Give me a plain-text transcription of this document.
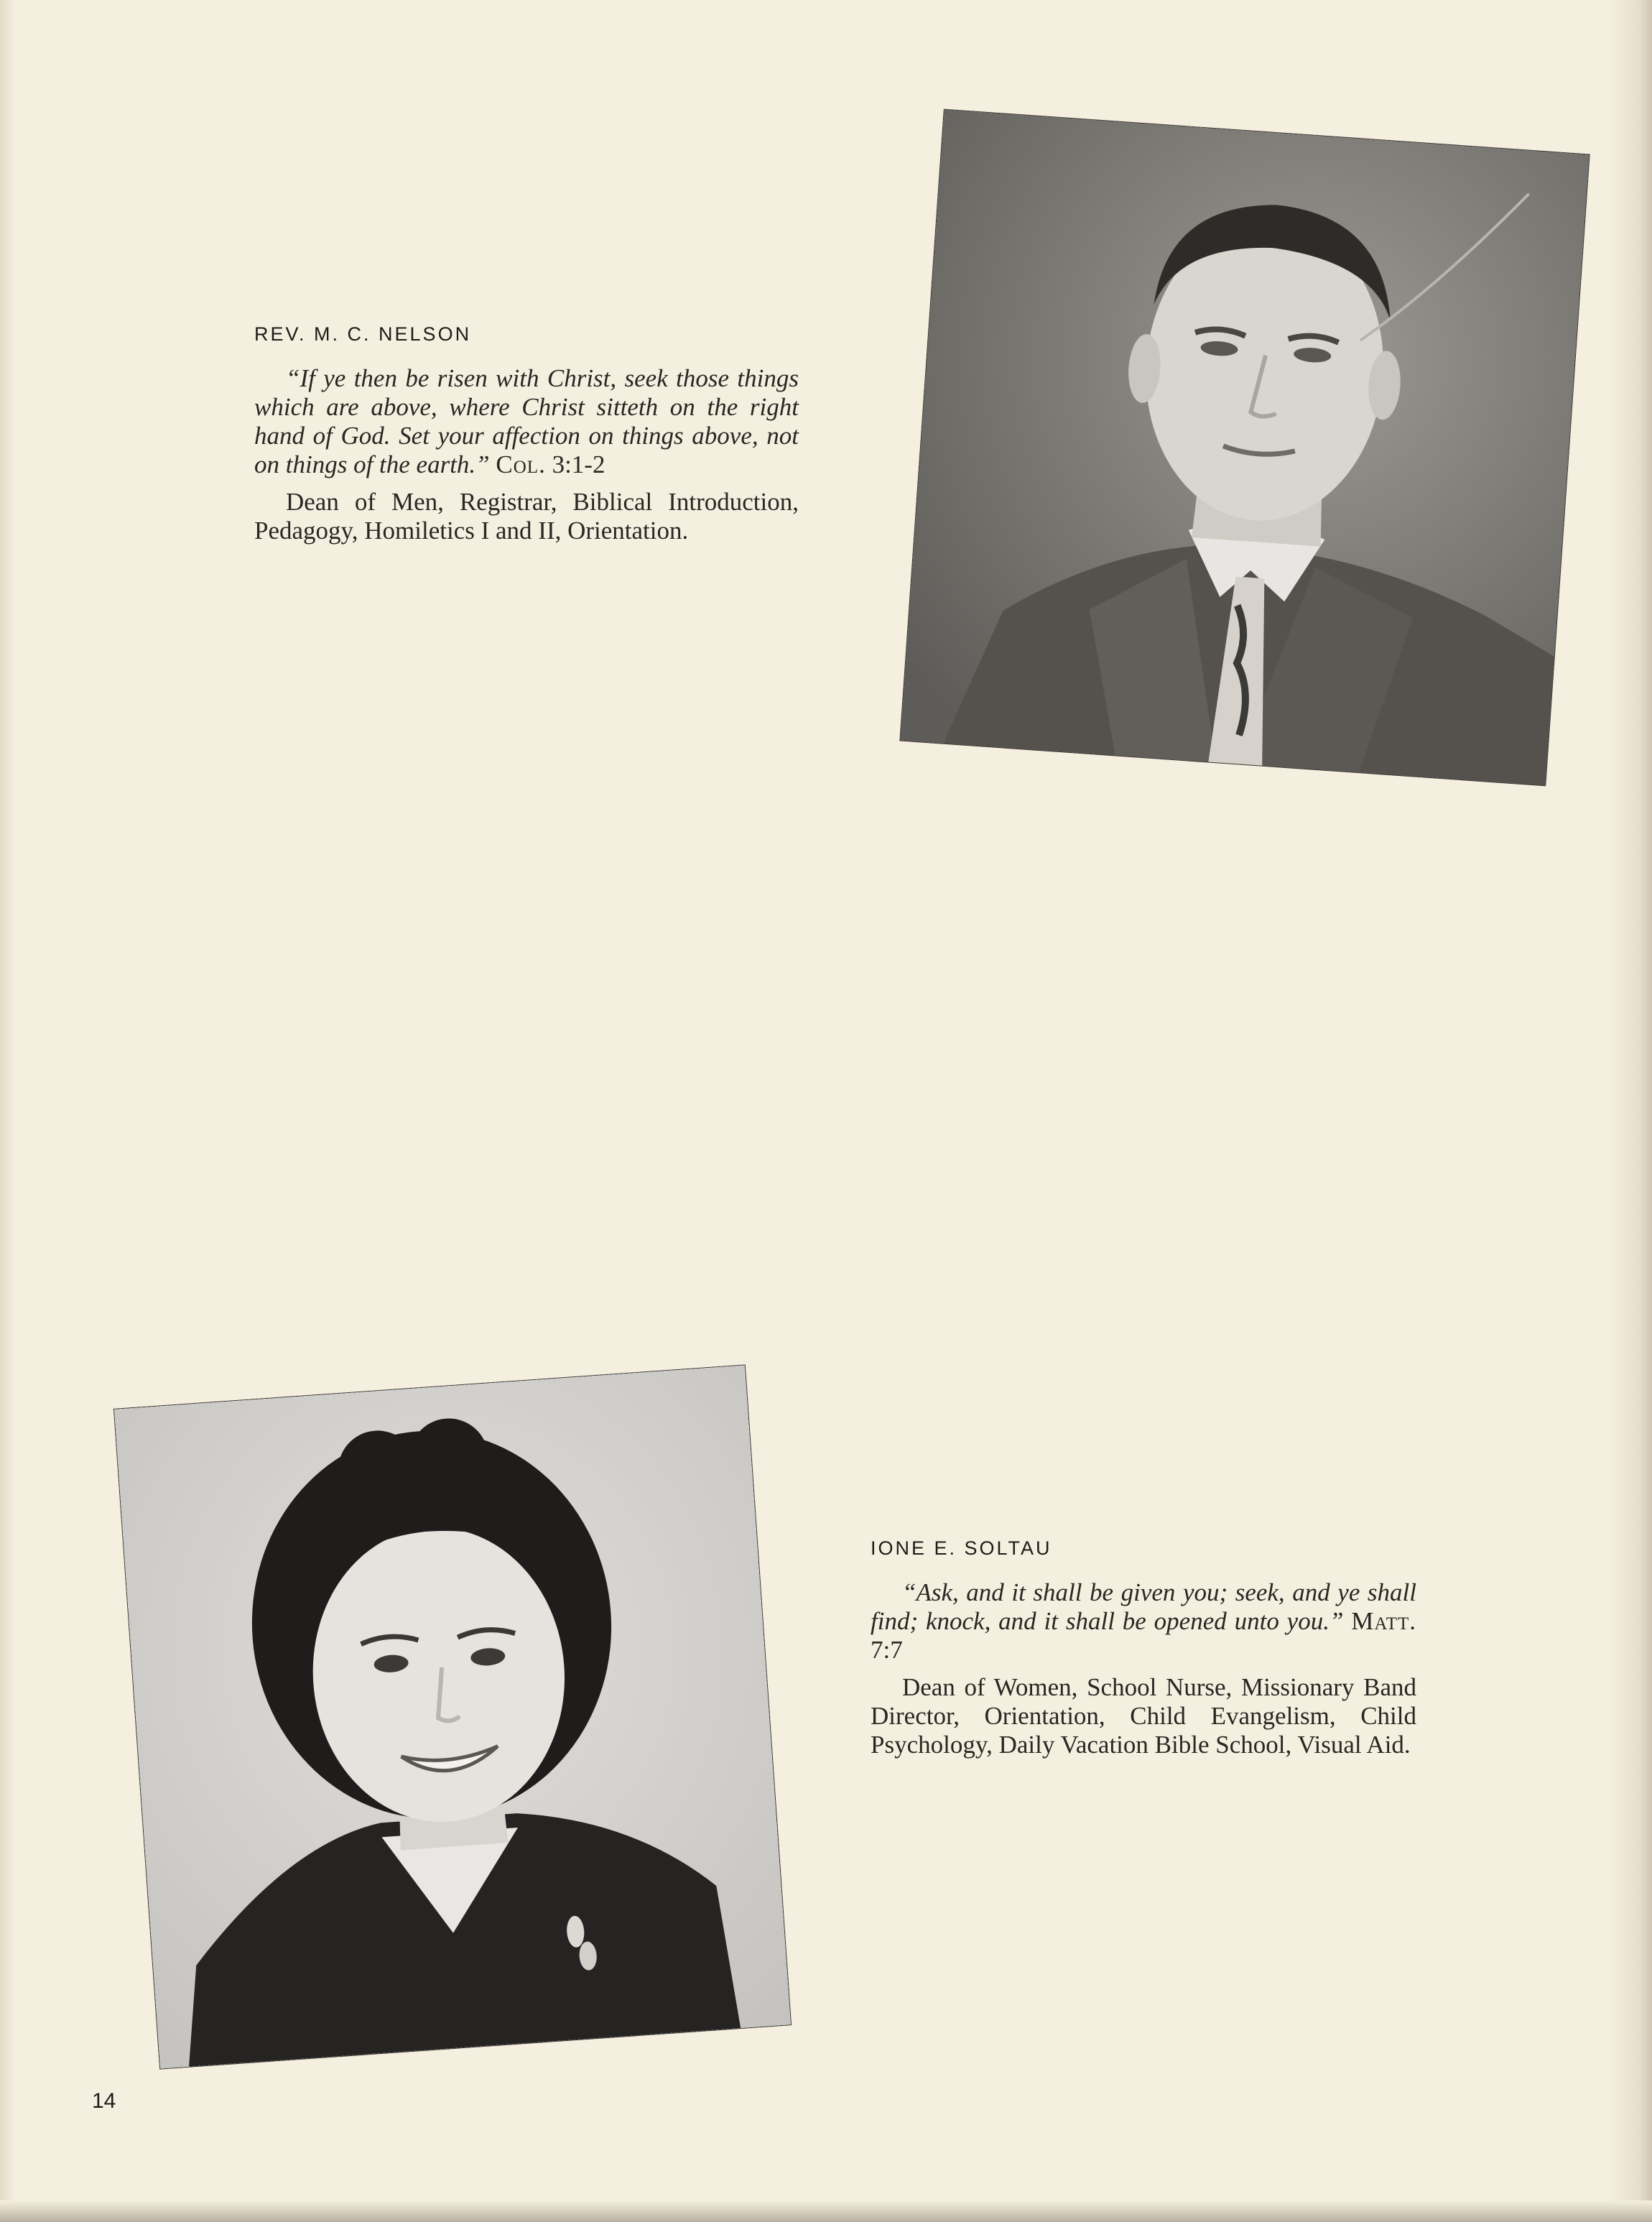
REV. M. C. NELSON

“If ye then be risen with Christ, seek those things which are above, where Christ sitteth on the right hand of God. Set your affection on things above, not on things of the earth.” Col. 3:1-2

Dean of Men, Registrar, Biblical Introduction, Pedagogy, Homiletics I and II, Orientation.

IONE E. SOLTAU

“Ask, and it shall be given you; seek, and ye shall find; knock, and it shall be opened unto you.” Matt. 7:7

Dean of Women, School Nurse, Missionary Band Director, Orientation, Child Evangelism, Child Psychology, Daily Vacation Bible School, Visual Aid.

14
